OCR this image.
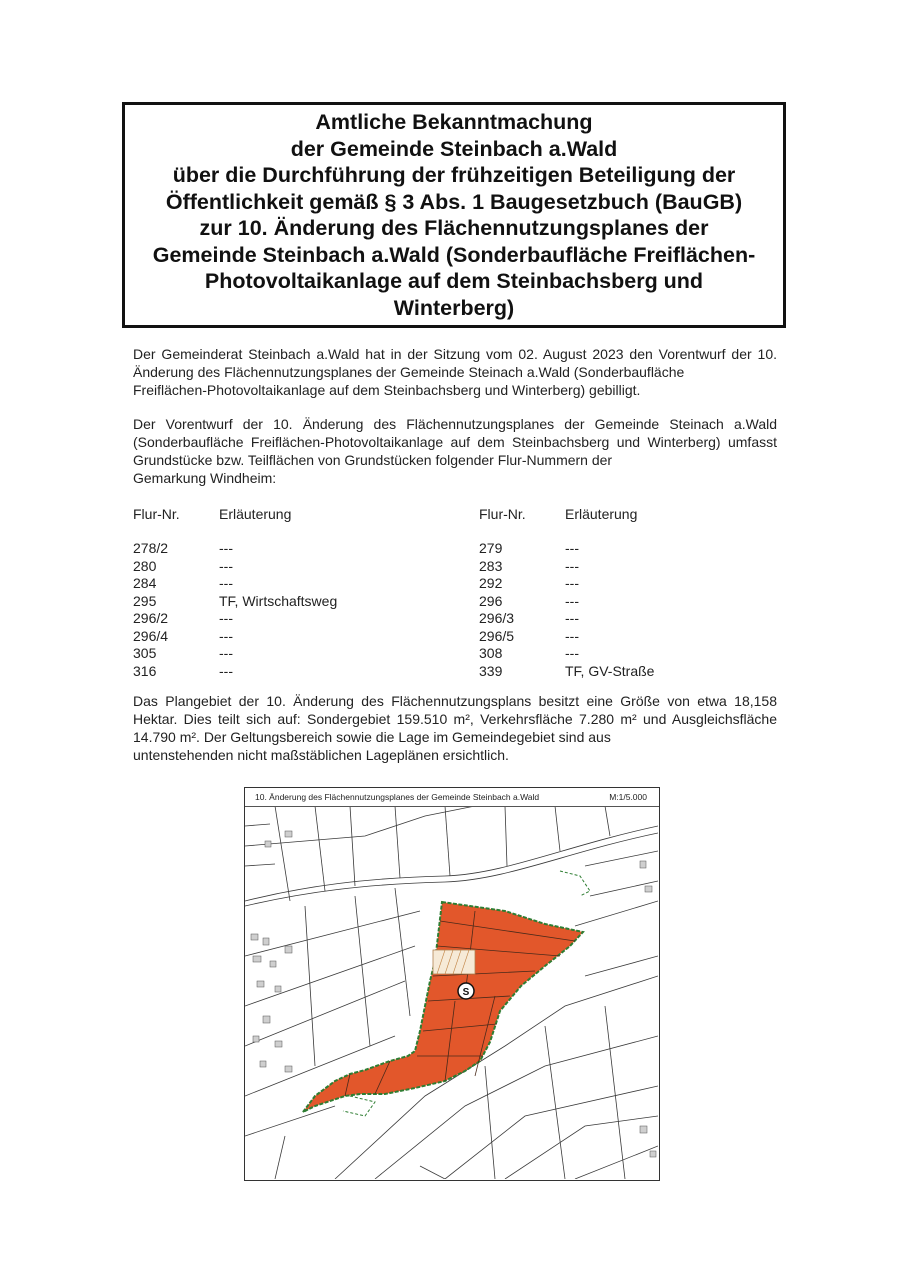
Amtliche Bekanntmachung
der Gemeinde Steinbach a.Wald
über die Durchführung der frühzeitigen Beteiligung der
Öffentlichkeit gemäß § 3 Abs. 1 Baugesetzbuch (BauGB)
zur 10. Änderung des Flächennutzungsplanes der
Gemeinde Steinbach a.Wald (Sonderbaufläche Freiflächen-
Photovoltaikanlage auf dem Steinbachsberg und
Winterberg)
Der Gemeinderat Steinbach a.Wald hat in der Sitzung vom 02. August 2023 den Vorentwurf der 10. Änderung des Flächennutzungsplanes der Gemeinde Steinach a.Wald (Sonderbaufläche
Freiflächen-Photovoltaikanlage auf dem Steinbachsberg und Winterberg) gebilligt.
Der Vorentwurf der 10. Änderung des Flächennutzungsplanes der Gemeinde Steinach a.Wald (Sonderbaufläche Freiflächen-Photovoltaikanlage auf dem Steinbachsberg und Winterberg) umfasst Grundstücke bzw. Teilflächen von Grundstücken folgender Flur-Nummern der
Gemarkung Windheim:
Flur-Nr.	Erläuterung
278/2	---
280	---
284	---
295	TF, Wirtschaftsweg
296/2	---
296/4	---
305	---
316	---
Flur-Nr.	Erläuterung
279	---
283	---
292	---
296	---
296/3	---
296/5	---
308	---
339	TF, GV-Straße
Das Plangebiet der 10. Änderung des Flächennutzungsplans besitzt eine Größe von etwa 18,158 Hektar. Dies teilt sich auf: Sondergebiet 159.510 m², Verkehrsfläche 7.280 m² und Ausgleichsfläche 14.790 m². Der Geltungsbereich sowie die Lage im Gemeindegebiet sind aus
untenstehenden nicht maßstäblichen Lageplänen ersichtlich.
10. Änderung des Flächennutzungsplanes der Gemeinde Steinbach a.Wald	M:1/5.000
S
